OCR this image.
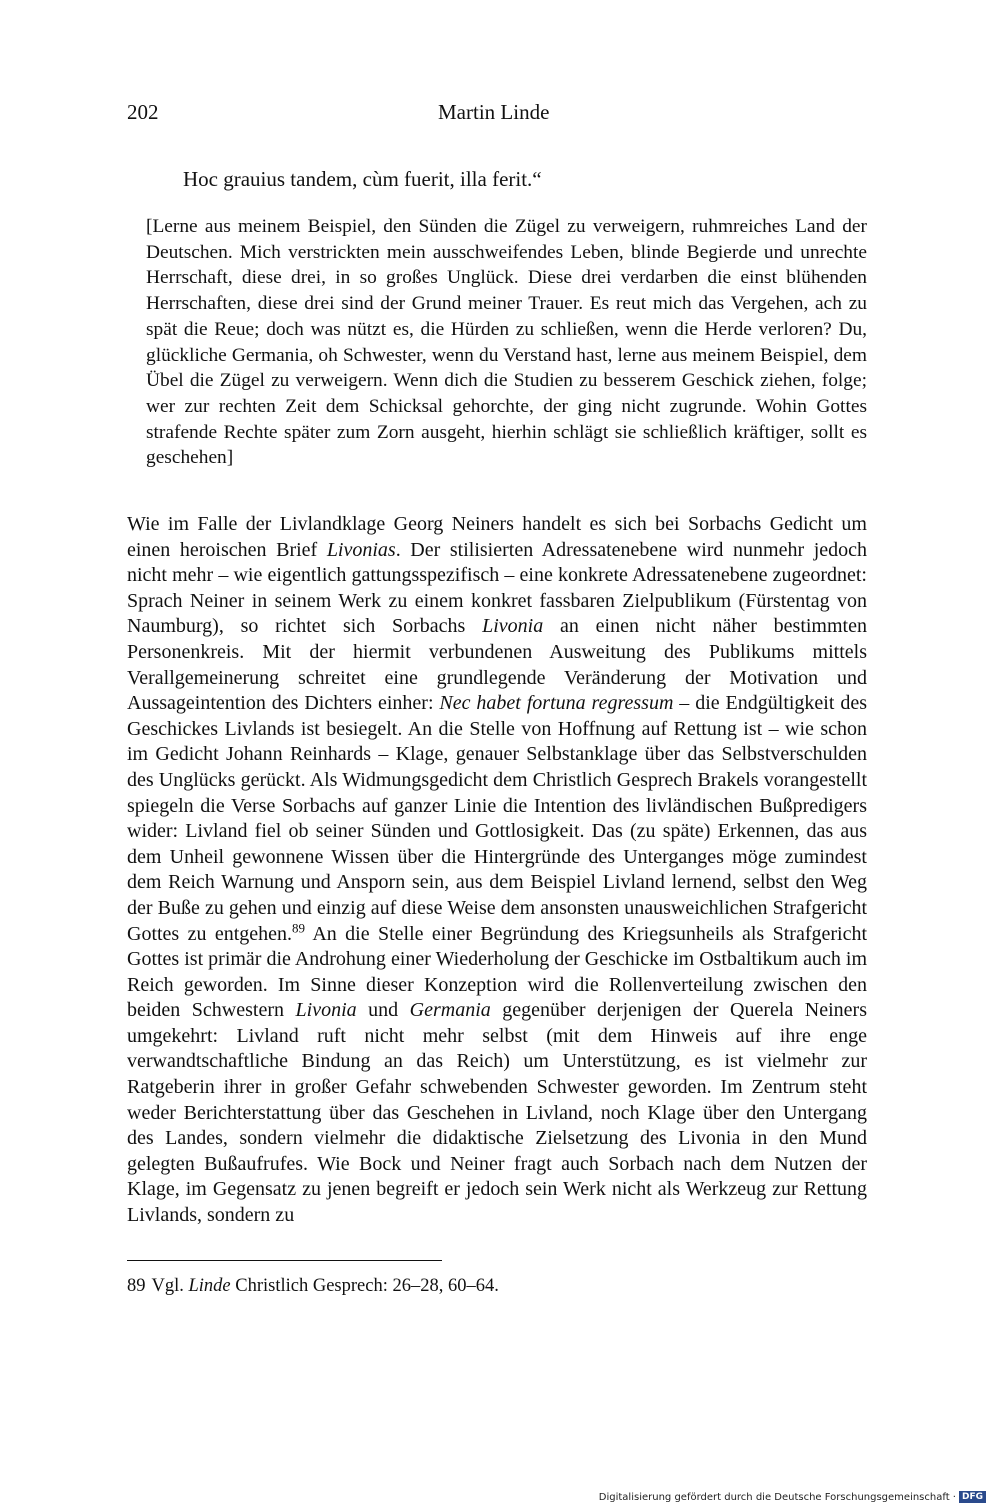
202	Martin Linde
Hoc grauius tandem, cùm fuerit, illa ferit.“

[Lerne aus meinem Beispiel, den Sünden die Zügel zu verweigern, ruhmreiches Land der Deutschen. Mich verstrickten mein ausschweifendes Leben, blinde Begierde und unrechte Herrschaft, diese drei, in so großes Unglück. Diese drei verdarben die einst blühenden Herrschaften, diese drei sind der Grund meiner Trauer. Es reut mich das Vergehen, ach zu spät die Reue; doch was nützt es, die Hürden zu schließen, wenn die Herde verloren? Du, glückliche Germania, oh Schwester, wenn du Verstand hast, lerne aus meinem Beispiel, dem Übel die Zügel zu verweigern. Wenn dich die Studien zu besserem Geschick ziehen, folge; wer zur rechten Zeit dem Schicksal gehorchte, der ging nicht zugrunde. Wohin Gottes strafende Rechte später zum Zorn ausgeht, hierhin schlägt sie schließlich kräftiger, sollt es geschehen]

Wie im Falle der Livlandklage Georg Neiners handelt es sich bei Sorbachs Gedicht um einen heroischen Brief Livonias. Der stilisierten Adressatenebene wird nunmehr jedoch nicht mehr – wie eigentlich gattungsspezifisch – eine konkrete Adressatenebene zugeordnet: Sprach Neiner in seinem Werk zu einem konkret fassbaren Zielpublikum (Fürstentag von Naumburg), so richtet sich Sorbachs Livonia an einen nicht näher bestimmten Personenkreis. Mit der hiermit verbundenen Ausweitung des Publikums mittels Verallgemeinerung schreitet eine grundlegende Veränderung der Motivation und Aussageintention des Dichters einher: Nec habet fortuna regressum – die Endgültigkeit des Geschickes Livlands ist besiegelt. An die Stelle von Hoffnung auf Rettung ist – wie schon im Gedicht Johann Reinhards – Klage, genauer Selbstanklage über das Selbstverschulden des Unglücks gerückt. Als Widmungsgedicht dem Christlich Gesprech Brakels vorangestellt spiegeln die Verse Sorbachs auf ganzer Linie die Intention des livländischen Bußpredigers wider: Livland fiel ob seiner Sünden und Gottlosigkeit. Das (zu späte) Erkennen, das aus dem Unheil gewonnene Wissen über die Hintergründe des Unterganges möge zumindest dem Reich Warnung und Ansporn sein, aus dem Beispiel Livland lernend, selbst den Weg der Buße zu gehen und einzig auf diese Weise dem ansonsten unausweichlichen Strafgericht Gottes zu entgehen.$^{89}$ An die Stelle einer Begründung des Kriegsunheils als Strafgericht Gottes ist primär die Androhung einer Wiederholung der Geschicke im Ostbaltikum auch im Reich geworden. Im Sinne dieser Konzeption wird die Rollenverteilung zwischen den beiden Schwestern Livonia und Germania gegenüber derjenigen der Querela Neiners umgekehrt: Livland ruft nicht mehr selbst (mit dem Hinweis auf ihre enge verwandtschaftliche Bindung an das Reich) um Unterstützung, es ist vielmehr zur Ratgeberin ihrer in großer Gefahr schwebenden Schwester geworden. Im Zentrum steht weder Berichterstattung über das Geschehen in Livland, noch Klage über den Untergang des Landes, sondern vielmehr die didaktische Zielsetzung des Livonia in den Mund gelegten Bußaufrufes. Wie Bock und Neiner fragt auch Sorbach nach dem Nutzen der Klage, im Gegensatz zu jenen begreift er jedoch sein Werk nicht als Werkzeug zur Rettung Livlands, sondern zu

89 Vgl. Linde Christlich Gesprech: 26–28, 60–64.
Digitalisierung gefördert durch die Deutsche Forschungsgemeinschaft · DFG
